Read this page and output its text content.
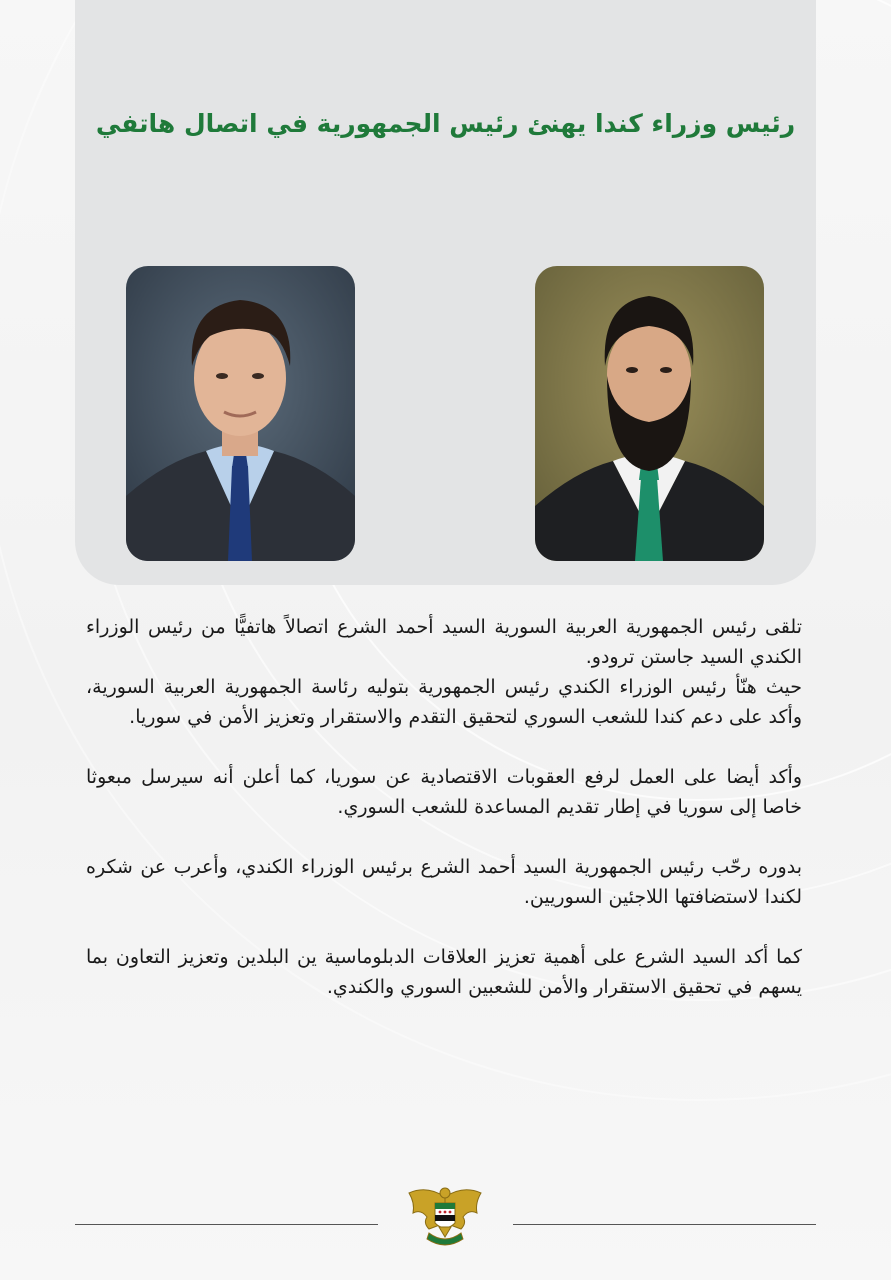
رئيس وزراء كندا يهنئ رئيس الجمهورية في اتصال هاتفي

تلقى رئيس الجمهورية العربية السورية السيد أحمد الشرع اتصالاً هاتفيًّا من رئيس الوزراء الكندي السيد جاستن ترودو.

حيث هنّأ رئيس الوزراء الكندي رئيس الجمهورية بتوليه رئاسة الجمهورية العربية السورية، وأكد على دعم كندا للشعب السوري لتحقيق التقدم والاستقرار وتعزيز الأمن في سوريا.

وأكد أيضا على العمل لرفع العقوبات الاقتصادية عن سوريا، كما أعلن أنه سيرسل مبعوثا خاصا إلى سوريا في إطار تقديم المساعدة للشعب السوري.

بدوره رحّب رئيس الجمهورية السيد أحمد الشرع برئيس الوزراء الكندي، وأعرب عن شكره لكندا لاستضافتها اللاجئين السوريين.

كما أكد السيد الشرع على أهمية تعزيز العلاقات الدبلوماسية ين البلدين وتعزيز التعاون بما يسهم في تحقيق الاستقرار والأمن للشعبين السوري والكندي.
